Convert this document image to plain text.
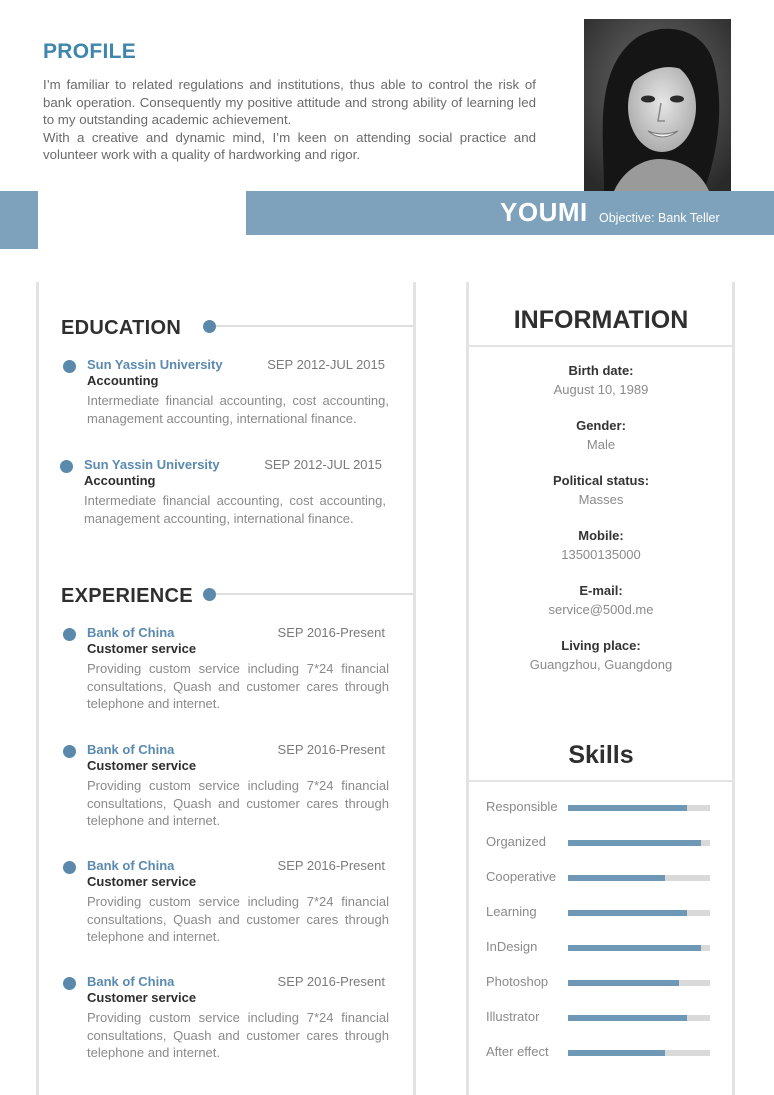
PROFILE

I’m familiar to related regulations and institutions, thus able to control the risk of bank operation. Consequently my positive attitude and strong ability of learning led to my outstanding academic achievement.

With a creative and dynamic mind, I’m keen on attending social practice and volunteer work with a quality of hardworking and rigor.

YOUMI Objective: Bank Teller
EDUCATION
Sun Yassin University	SEP 2012-JUL 2015
Accounting
Intermediate financial accounting, cost accounting, management accounting, international finance.
Sun Yassin University	SEP 2012-JUL 2015
Accounting
Intermediate financial accounting, cost accounting, management accounting, international finance.
EXPERIENCE
Bank of China	SEP 2016-Present
Customer service
Providing custom service including 7*24 financial consultations, Quash and customer cares through telephone and internet.
Bank of China	SEP 2016-Present
Customer service
Providing custom service including 7*24 financial consultations, Quash and customer cares through telephone and internet.
Bank of China	SEP 2016-Present
Customer service
Providing custom service including 7*24 financial consultations, Quash and customer cares through telephone and internet.
Bank of China	SEP 2016-Present
Customer service
Providing custom service including 7*24 financial consultations, Quash and customer cares through telephone and internet.
INFORMATION
Birth date:
August 10, 1989
Gender:
Male
Political status:
Masses
Mobile:
13500135000
E-mail:
service@500d.me
Living place:
Guangzhou, Guangdong
Skills
Responsible
Organized
Cooperative
Learning
InDesign
Photoshop
Illustrator
After effect
